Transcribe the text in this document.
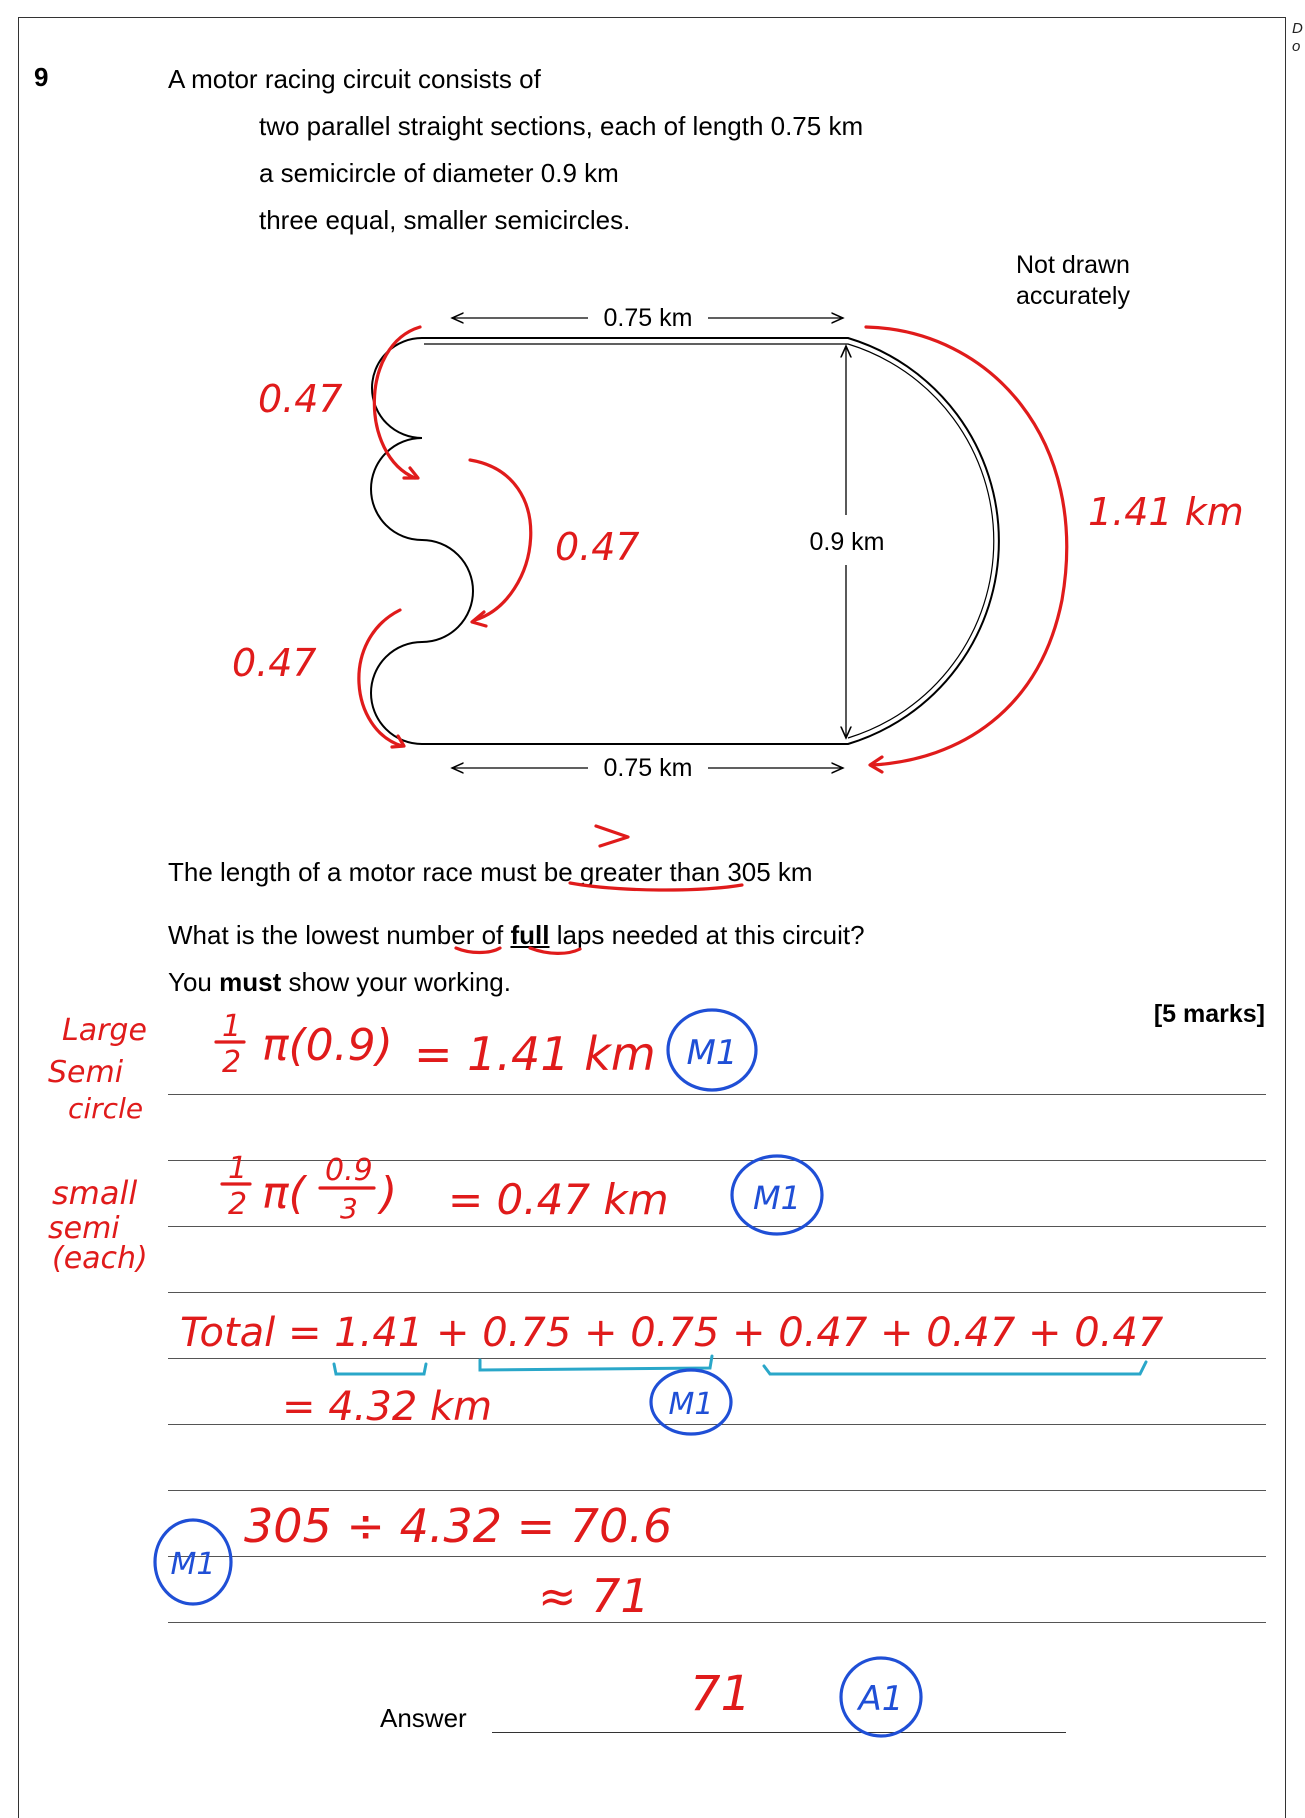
D
o
9	A motor racing circuit consists of
two parallel straight sections, each of length 0.75 km
a semicircle of diameter 0.9 km
three equal, smaller semicircles.
Not drawn
accurately
The length of a motor race must be greater than 305 km
What is the lowest number of full laps needed at this circuit?
You must show your working.
[5 marks]
Answer
0.75 km
0.75 km
0.9 km
0.47
0.47
0.47
1.41 km
Large
Semi
circle
small
semi
(each)
1
2 π(0.9) = 1.41 km
1
2 π( 0.9
3 ) = 0.47 km
Total = 1.41 + 0.75 + 0.75 + 0.47 + 0.47 + 0.47
= 4.32 km
305 ÷ 4.32 = 70.6
≈ 71
71
M1
M1
M1
M1
A1
